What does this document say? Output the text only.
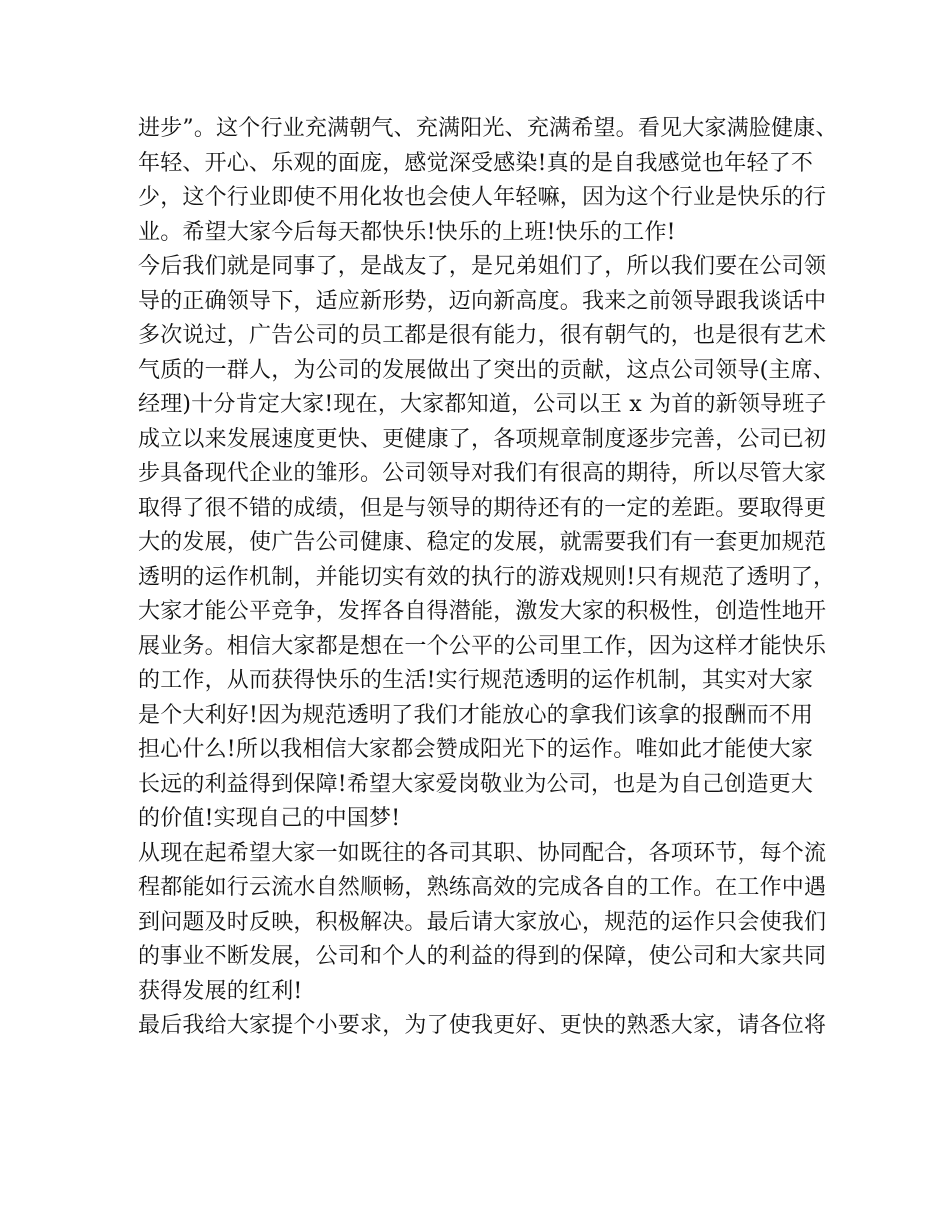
进步”。这个行业充满朝气、充满阳光、充满希望。看见大家满脸健康、
年轻、开心、乐观的面庞，感觉深受感染!真的是自我感觉也年轻了不
少，这个行业即使不用化妆也会使人年轻嘛，因为这个行业是快乐的行
业。希望大家今后每天都快乐!快乐的上班!快乐的工作!
今后我们就是同事了，是战友了，是兄弟姐们了，所以我们要在公司领
导的正确领导下，适应新形势，迈向新高度。我来之前领导跟我谈话中
多次说过，广告公司的员工都是很有能力，很有朝气的，也是很有艺术
气质的一群人，为公司的发展做出了突出的贡献，这点公司领导(主席、
经理)十分肯定大家!现在，大家都知道，公司以王 x 为首的新领导班子
成立以来发展速度更快、更健康了，各项规章制度逐步完善，公司已初
步具备现代企业的雏形。公司领导对我们有很高的期待，所以尽管大家
取得了很不错的成绩，但是与领导的期待还有的一定的差距。要取得更
大的发展，使广告公司健康、稳定的发展，就需要我们有一套更加规范
透明的运作机制，并能切实有效的执行的游戏规则!只有规范了透明了，
大家才能公平竞争，发挥各自得潜能，激发大家的积极性，创造性地开
展业务。相信大家都是想在一个公平的公司里工作，因为这样才能快乐
的工作，从而获得快乐的生活!实行规范透明的运作机制，其实对大家
是个大利好!因为规范透明了我们才能放心的拿我们该拿的报酬而不用
担心什么!所以我相信大家都会赞成阳光下的运作。唯如此才能使大家
长远的利益得到保障!希望大家爱岗敬业为公司，也是为自己创造更大
的价值!实现自己的中国梦!
从现在起希望大家一如既往的各司其职、协同配合，各项环节，每个流
程都能如行云流水自然顺畅，熟练高效的完成各自的工作。在工作中遇
到问题及时反映，积极解决。最后请大家放心，规范的运作只会使我们
的事业不断发展，公司和个人的利益的得到的保障，使公司和大家共同
获得发展的红利!
最后我给大家提个小要求，为了使我更好、更快的熟悉大家，请各位将
